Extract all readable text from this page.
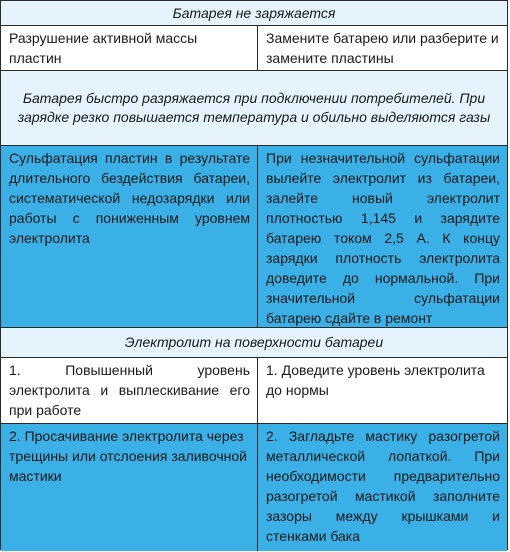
Батарея не заряжается
Разрушение активной массы пластин
Замените батарею или разберите и замените пластины
Батарея быстро разряжается при подключении потребителей. При зарядке резко повышается температура и обильно выделяются газы
Сульфатация пластин в результате длительного бездействия батареи, систематической недозарядки или работы с пониженным уровнем электролита
При незначительной сульфатации вылейте электролит из батареи, залейте новый электролит плотностью 1,145 и зарядите батарею током 2,5 А. К концу зарядки плотность электролита доведите до нормальной. При значительной сульфатации батарею сдайте в ремонт
Электролит на поверхности батареи
1. Повышенный уровень электролита и выплескивание его при работе
1. Доведите уровень электролита до нормы
2. Просачивание электролита через трещины или отслоения заливочной мастики
2. Загладьте мастику разогретой металлической лопаткой. При необходимости предварительно разогретой мастикой заполните зазоры между крышками и стенками бака
